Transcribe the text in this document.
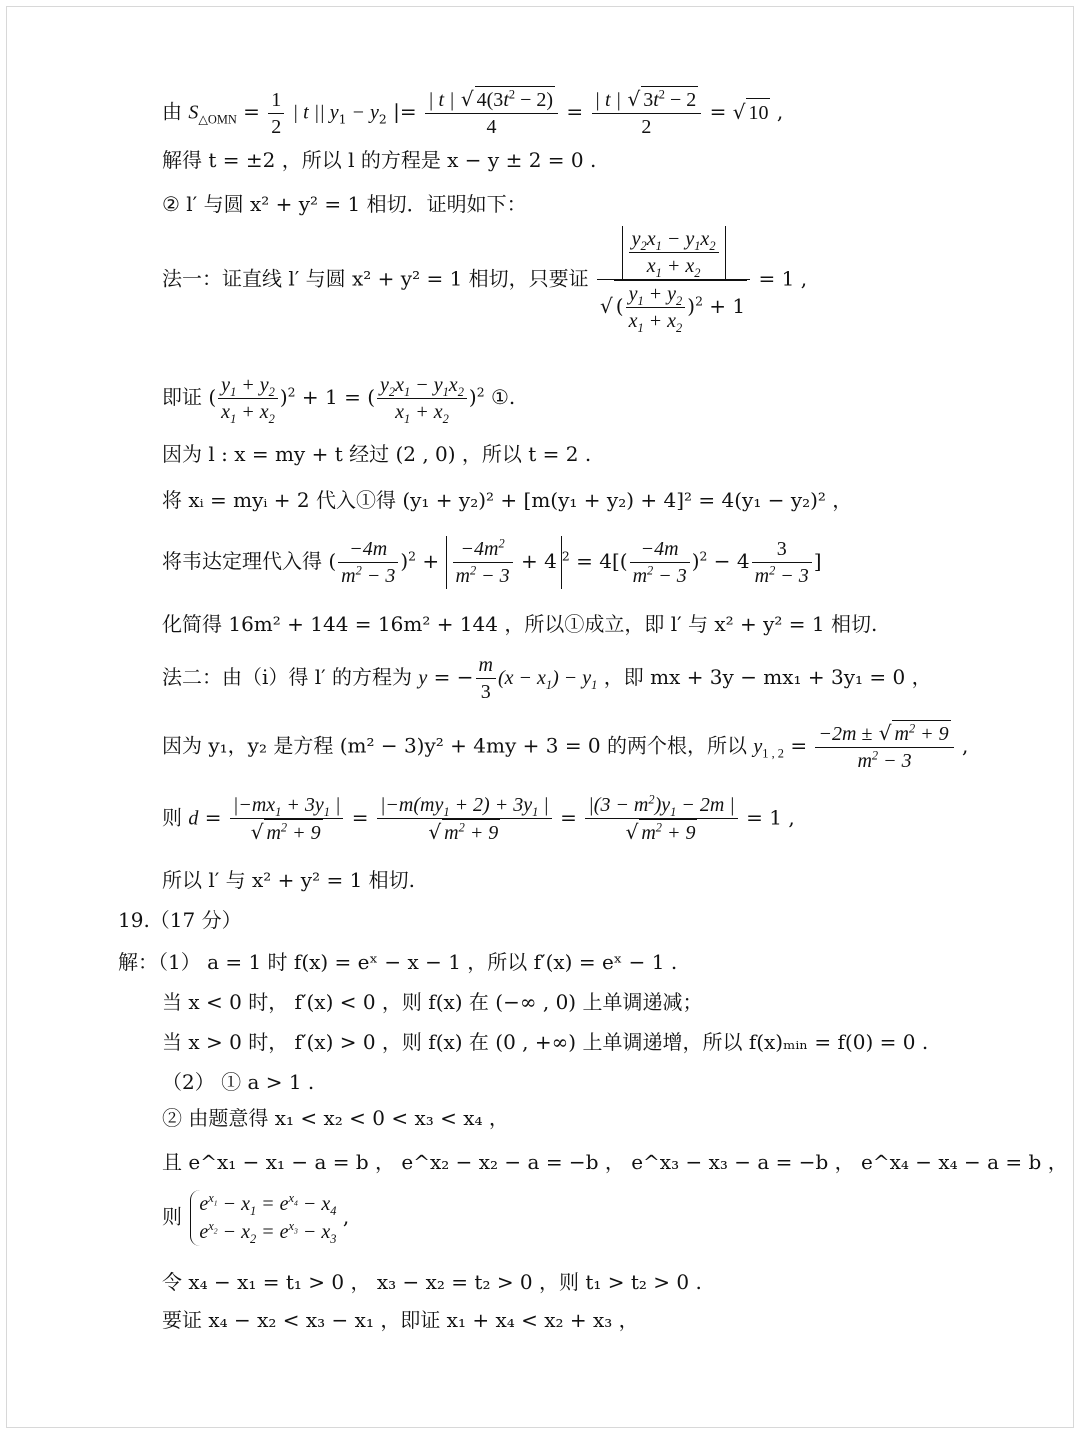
由 $S_{\triangle OMN} = \frac{1}{2}$ | t || $y_1 - y_2$ |= $\frac{| t | √ 4(3t^2 - 2)}{4} = \frac{| t | √ 3t^2 - 2}{2}$ = √ 10 ,
解得 t = ±2 ，所以 l 的方程是 x − y ± 2 = 0 .
② l′ 与圆 x² + y² = 1 相切．证明如下：
法一：证直线 l′ 与圆 x² + y² = 1 相切，只要证 $\frac{y_2x_1 - y_1x_2}{x_1 + x_2}$
√ ( $\frac{y_1 + y_2}{x_1 + x_2} )^2 + 1 = 1$ ,
即证 ( $\frac{y_1 + y_2}{x_1 + x_2} )^2 + 1$ = ( $\frac{y_2x_1 - y_1x_2}{x_1 + x_2} )^2$ ①.
因为 l : x = my + t 经过 (2 , 0) ，所以 t = 2 .
将 xᵢ = myᵢ + 2 代入①得 (y₁ + y₂)² + [m(y₁ + y₂) + 4]² = 4(y₁ − y₂)² ，
将韦达定理代入得 ( $\frac{-4m}{m^2 - 3} )^2 + \frac{-4m^2}{m^2 - 3} + 4$ $^2 = 4[( \frac{-4m}{m^2 - 3} )^2 - 4 \frac{3}{m^2 - 3}$ ]
化简得 16m² + 144 = 16m² + 144 ，所以①成立，即 l′ 与 x² + y² = 1 相切.
法二：由（i）得 l′ 的方程为 y = − $\frac{m}{3} (x - x_1) - y_1$ ，即 mx + 3y − mx₁ + 3y₁ = 0 ，
因为 y₁，y₂ 是方程 (m² − 3)y² + 4my + 3 = 0 的两个根，所以 $y_{1 , 2} = \frac{-2m \pm √ m^2 + 9}{m^2 - 3}$ ,
则 $d = |-mx_1 + 3y_1$ |
√ $m^2 + 9 = |-m(my_1 + 2) + 3y_1$ |
√ $m^2 + 9 = |(3 - m^2)y_1 - 2m$ |
√ $m^2 + 9 = 1$ ,
所以 l′ 与 x² + y² = 1 相切.
19.（17 分）
解：（1） a = 1 时 f(x) = eˣ − x − 1 ，所以 f′(x) = eˣ − 1 .
当 x < 0 时， f′(x) < 0 ，则 f(x) 在 (−∞ , 0) 上单调递减；
当 x > 0 时， f′(x) > 0 ，则 f(x) 在 (0 , +∞) 上单调递增，所以 f(x)ₘᵢₙ = f(0) = 0 .
（2） ① a > 1 .
② 由题意得 x₁ < x₂ < 0 < x₃ < x₄ ，
且 e^x₁ − x₁ − a = b ， e^x₂ − x₂ − a = −b ， e^x₃ − x₃ − a = −b ， e^x₄ − x₄ − a = b ，
则
$e^{x_1} - x_1 = e^{x_4} - x_4$
$e^{x_2} - x_2 = e^{x_3} - x_3$
,
令 x₄ − x₁ = t₁ > 0 ， x₃ − x₂ = t₂ > 0 ，则 t₁ > t₂ > 0 .
要证 x₄ − x₂ < x₃ − x₁ ，即证 x₁ + x₄ < x₂ + x₃ ，
